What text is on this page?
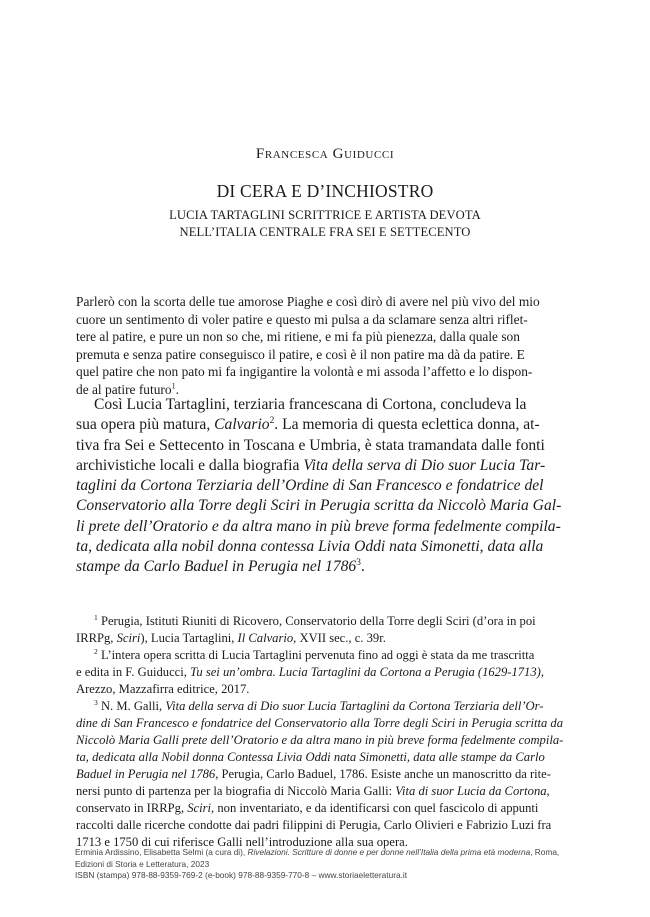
Francesca Guiducci
DI CERA E D’INCHIOSTRO
LUCIA TARTAGLINI SCRITTRICE E ARTISTA DEVOTA
NELL’ITALIA CENTRALE FRA SEI E SETTECENTO
Parlerò con la scorta delle tue amorose Piaghe e così dirò di avere nel più vivo del mio
cuore un sentimento di voler patire e questo mi pulsa a da sclamare senza altri riflet-
tere al patire, e pure un non so che, mi ritiene, e mi fa più pienezza, dalla quale son
premuta e senza patire conseguisco il patire, e così è il non patire ma dà da patire. E
quel patire che non pato mi fa ingigantire la volontà e mi assoda l’affetto e lo dispon-
de al patire futuro$^1$.
Così Lucia Tartaglini, terziaria francescana di Cortona, concludeva la
sua opera più matura, Calvario$^2$. La memoria di questa eclettica donna, at-
tiva fra Sei e Settecento in Toscana e Umbria, è stata tramandata dalle fonti
archivistiche locali e dalla biografia Vita della serva di Dio suor Lucia Tar-
taglini da Cortona Terziaria dell’Ordine di San Francesco e fondatrice del
Conservatorio alla Torre degli Sciri in Perugia scritta da Niccolò Maria Gal-
li prete dell’Oratorio e da altra mano in più breve forma fedelmente compila-
ta, dedicata alla nobil donna contessa Livia Oddi nata Simonetti, data alla
stampe da Carlo Baduel in Perugia nel 1786$^3$.
$^1$ Perugia, Istituti Riuniti di Ricovero, Conservatorio della Torre degli Sciri (d’ora in poi
IRRPg, Sciri), Lucia Tartaglini, Il Calvario, XVII sec., c. 39r.
$^2$ L’intera opera scritta di Lucia Tartaglini pervenuta fino ad oggi è stata da me trascritta
e edita in F. Guiducci, Tu sei un’ombra. Lucia Tartaglini da Cortona a Perugia (1629-1713),
Arezzo, Mazzafirra editrice, 2017.
$^3$ N. M. Galli, Vita della serva di Dio suor Lucia Tartaglini da Cortona Terziaria dell’Or-
dine di San Francesco e fondatrice del Conservatorio alla Torre degli Sciri in Perugia scritta da
Niccolò Maria Galli prete dell’Oratorio e da altra mano in più breve forma fedelmente compila-
ta, dedicata alla Nobil donna Contessa Livia Oddi nata Simonetti, data alle stampe da Carlo
Baduel in Perugia nel 1786, Perugia, Carlo Baduel, 1786. Esiste anche un manoscritto da rite-
nersi punto di partenza per la biografia di Niccolò Maria Galli: Vita di suor Lucia da Cortona,
conservato in IRRPg, Sciri, non inventariato, e da identificarsi con quel fascicolo di appunti
raccolti dalle ricerche condotte dai padri filippini di Perugia, Carlo Olivieri e Fabrizio Luzi fra
1713 e 1750 di cui riferisce Galli nell’introduzione alla sua opera.
Erminia Ardissino, Elisabetta Selmi (a cura di), Rivelazioni. Scritture di donne e per donne nell’Italia della prima età moderna, Roma,
Edizioni di Storia e Letteratura, 2023
ISBN (stampa) 978-88-9359-769-2 (e-book) 978-88-9359-770-8 – www.storiaeletteratura.it
